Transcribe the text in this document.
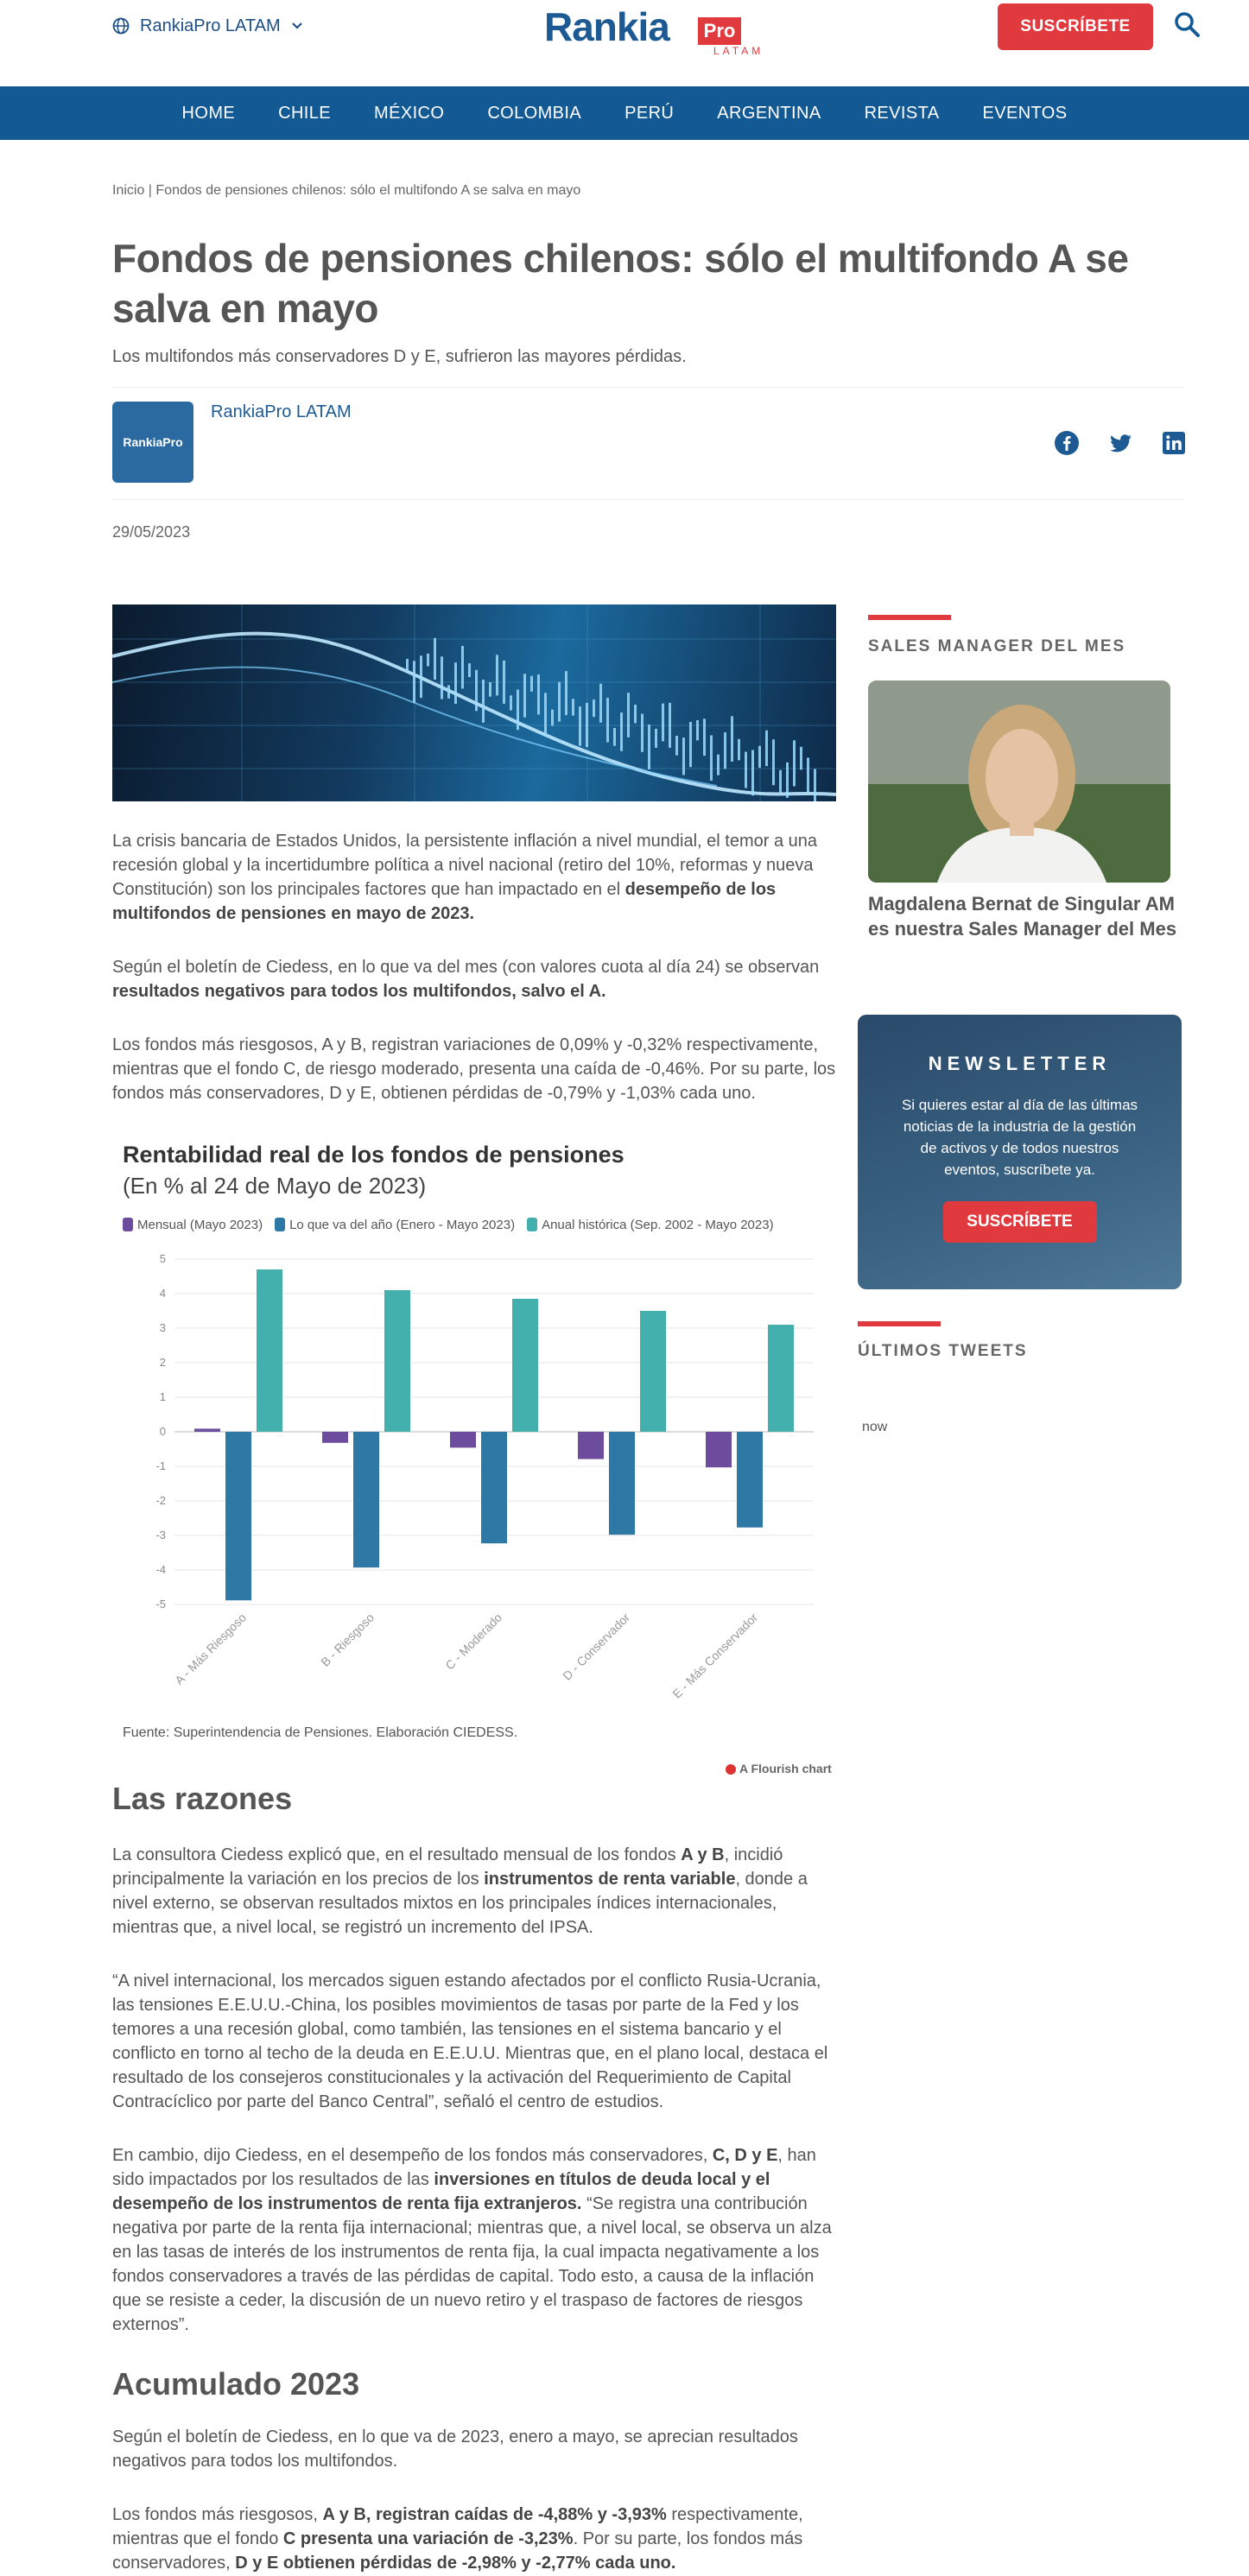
RankiaPro LATAM	Rankia	Pro
LATAM
SUSCRÍBETE
HOME	CHILE	MÉXICO	COLOMBIA	PERÚ	ARGENTINA	REVISTA	EVENTOS
Inicio | Fondos de pensiones chilenos: sólo el multifondo A se salva en mayo
Fondos de pensiones chilenos: sólo el multifondo A se salva en mayo
Los multifondos más conservadores D y E, sufrieron las mayores pérdidas.
RankiaPro
RankiaPro LATAM
29/05/2023

La crisis bancaria de Estados Unidos, la persistente inflación a nivel mundial, el temor a una recesión global y la incertidumbre política a nivel nacional (retiro del 10%, reformas y nueva Constitución) son los principales factores que han impactado en el desempeño de los multifondos de pensiones en mayo de 2023.

Según el boletín de Ciedess, en lo que va del mes (con valores cuota al día 24) se observan resultados negativos para todos los multifondos, salvo el A.

Los fondos más riesgosos, A y B, registran variaciones de 0,09% y -0,32% respectivamente, mientras que el fondo C, de riesgo moderado, presenta una caída de -0,46%. Por su parte, los fondos más conservadores, D y E, obtienen pérdidas de -0,79% y -1,03% cada uno.

Rentabilidad real de los fondos de pensiones
(En % al 24 de Mayo de 2023)
Mensual (Mayo 2023)	Lo que va del año (Enero - Mayo 2023)	Anual histórica (Sep. 2002 - Mayo 2023)
5
4
3
2
1
0
-1
-2
-3
-4
-5
A - Más Riesgoso	B - Riesgoso	C - Moderado	D - Conservador	E - Más Conservador
Fuente: Superintendencia de Pensiones. Elaboración CIEDESS.
A Flourish chart
Las razones

La consultora Ciedess explicó que, en el resultado mensual de los fondos A y B, incidió principalmente la variación en los precios de los instrumentos de renta variable, donde a nivel externo, se observan resultados mixtos en los principales índices internacionales, mientras que, a nivel local, se registró un incremento del IPSA.

“A nivel internacional, los mercados siguen estando afectados por el conflicto Rusia-Ucrania, las tensiones E.E.U.U.-China, los posibles movimientos de tasas por parte de la Fed y los temores a una recesión global, como también, las tensiones en el sistema bancario y el conflicto en torno al techo de la deuda en E.E.U.U. Mientras que, en el plano local, destaca el resultado de los consejeros constitucionales y la activación del Requerimiento de Capital Contracíclico por parte del Banco Central”, señaló el centro de estudios.

En cambio, dijo Ciedess, en el desempeño de los fondos más conservadores, C, D y E, han sido impactados por los resultados de las inversiones en títulos de deuda local y el desempeño de los instrumentos de renta fija extranjeros. “Se registra una contribución negativa por parte de la renta fija internacional; mientras que, a nivel local, se observa un alza en las tasas de interés de los instrumentos de renta fija, la cual impacta negativamente a los fondos conservadores a través de las pérdidas de capital. Todo esto, a causa de la inflación que se resiste a ceder, la discusión de un nuevo retiro y el traspaso de factores de riesgos externos”.

Acumulado 2023

Según el boletín de Ciedess, en lo que va de 2023, enero a mayo, se aprecian resultados negativos para todos los multifondos.

Los fondos más riesgosos, A y B, registran caídas de -4,88% y -3,93% respectivamente, mientras que el fondo C presenta una variación de -3,23%. Por su parte, los fondos más conservadores, D y E obtienen pérdidas de -2,98% y -2,77% cada uno.

SALES MANAGER DEL MES
Magdalena Bernat de Singular AM es nuestra Sales Manager del Mes
NEWSLETTER
Si quieres estar al día de las últimas noticias de la industria de la gestión de activos y de todos nuestros eventos, suscríbete ya.
SUSCRÍBETE
ÚLTIMOS TWEETS
now
